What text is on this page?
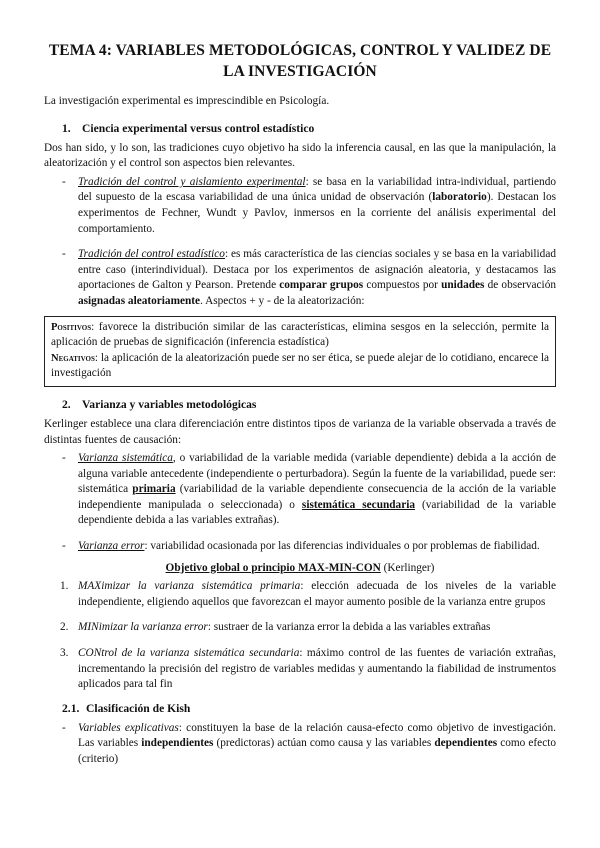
TEMA 4: VARIABLES METODOLÓGICAS, CONTROL Y VALIDEZ DE LA INVESTIGACIÓN

La investigación experimental es imprescindible en Psicología.

1. Ciencia experimental versus control estadístico

Dos han sido, y lo son, las tradiciones cuyo objetivo ha sido la inferencia causal, en las que la manipulación, la aleatorización y el control son aspectos bien relevantes.

- Tradición del control y aislamiento experimental: se basa en la variabilidad intra-individual, partiendo del supuesto de la escasa variabilidad de una única unidad de observación (laboratorio). Destacan los experimentos de Fechner, Wundt y Pavlov, inmersos en la corriente del análisis experimental del comportamiento.
- Tradición del control estadístico: es más característica de las ciencias sociales y se basa en la variabilidad entre caso (interindividual). Destaca por los experimentos de asignación aleatoria, y destacamos las aportaciones de Galton y Pearson. Pretende comparar grupos compuestos por unidades de observación asignadas aleatoriamente. Aspectos + y - de la aleatorización:

Positivos: favorece la distribución similar de las características, elimina sesgos en la selección, permite la aplicación de pruebas de significación (inferencia estadística)

Negativos: la aplicación de la aleatorización puede ser no ser ética, se puede alejar de lo cotidiano, encarece la investigación

2. Varianza y variables metodológicas

Kerlinger establece una clara diferenciación entre distintos tipos de varianza de la variable observada a través de distintas fuentes de causación:

- Varianza sistemática, o variabilidad de la variable medida (variable dependiente) debida a la acción de alguna variable antecedente (independiente o perturbadora). Según la fuente de la variabilidad, puede ser: sistemática primaria (variabilidad de la variable dependiente consecuencia de la acción de la variable independiente manipulada o seleccionada) o sistemática secundaria (variabilidad de la variable dependiente debida a las variables extrañas).
- Varianza error: variabilidad ocasionada por las diferencias individuales o por problemas de fiabilidad.
Objetivo global o principio MAX-MIN-CON (Kerlinger)
1. MAXimizar la varianza sistemática primaria: elección adecuada de los niveles de la variable independiente, eligiendo aquellos que favorezcan el mayor aumento posible de la varianza entre grupos
2. MINimizar la varianza error: sustraer de la varianza error la debida a las variables extrañas
3. CONtrol de la varianza sistemática secundaria: máximo control de las fuentes de variación extrañas, incrementando la precisión del registro de variables medidas y aumentando la fiabilidad de instrumentos aplicados para tal fin
2.1. Clasificación de Kish
- Variables explicativas: constituyen la base de la relación causa-efecto como objetivo de investigación. Las variables independientes (predictoras) actúan como causa y las variables dependientes como efecto (criterio)
